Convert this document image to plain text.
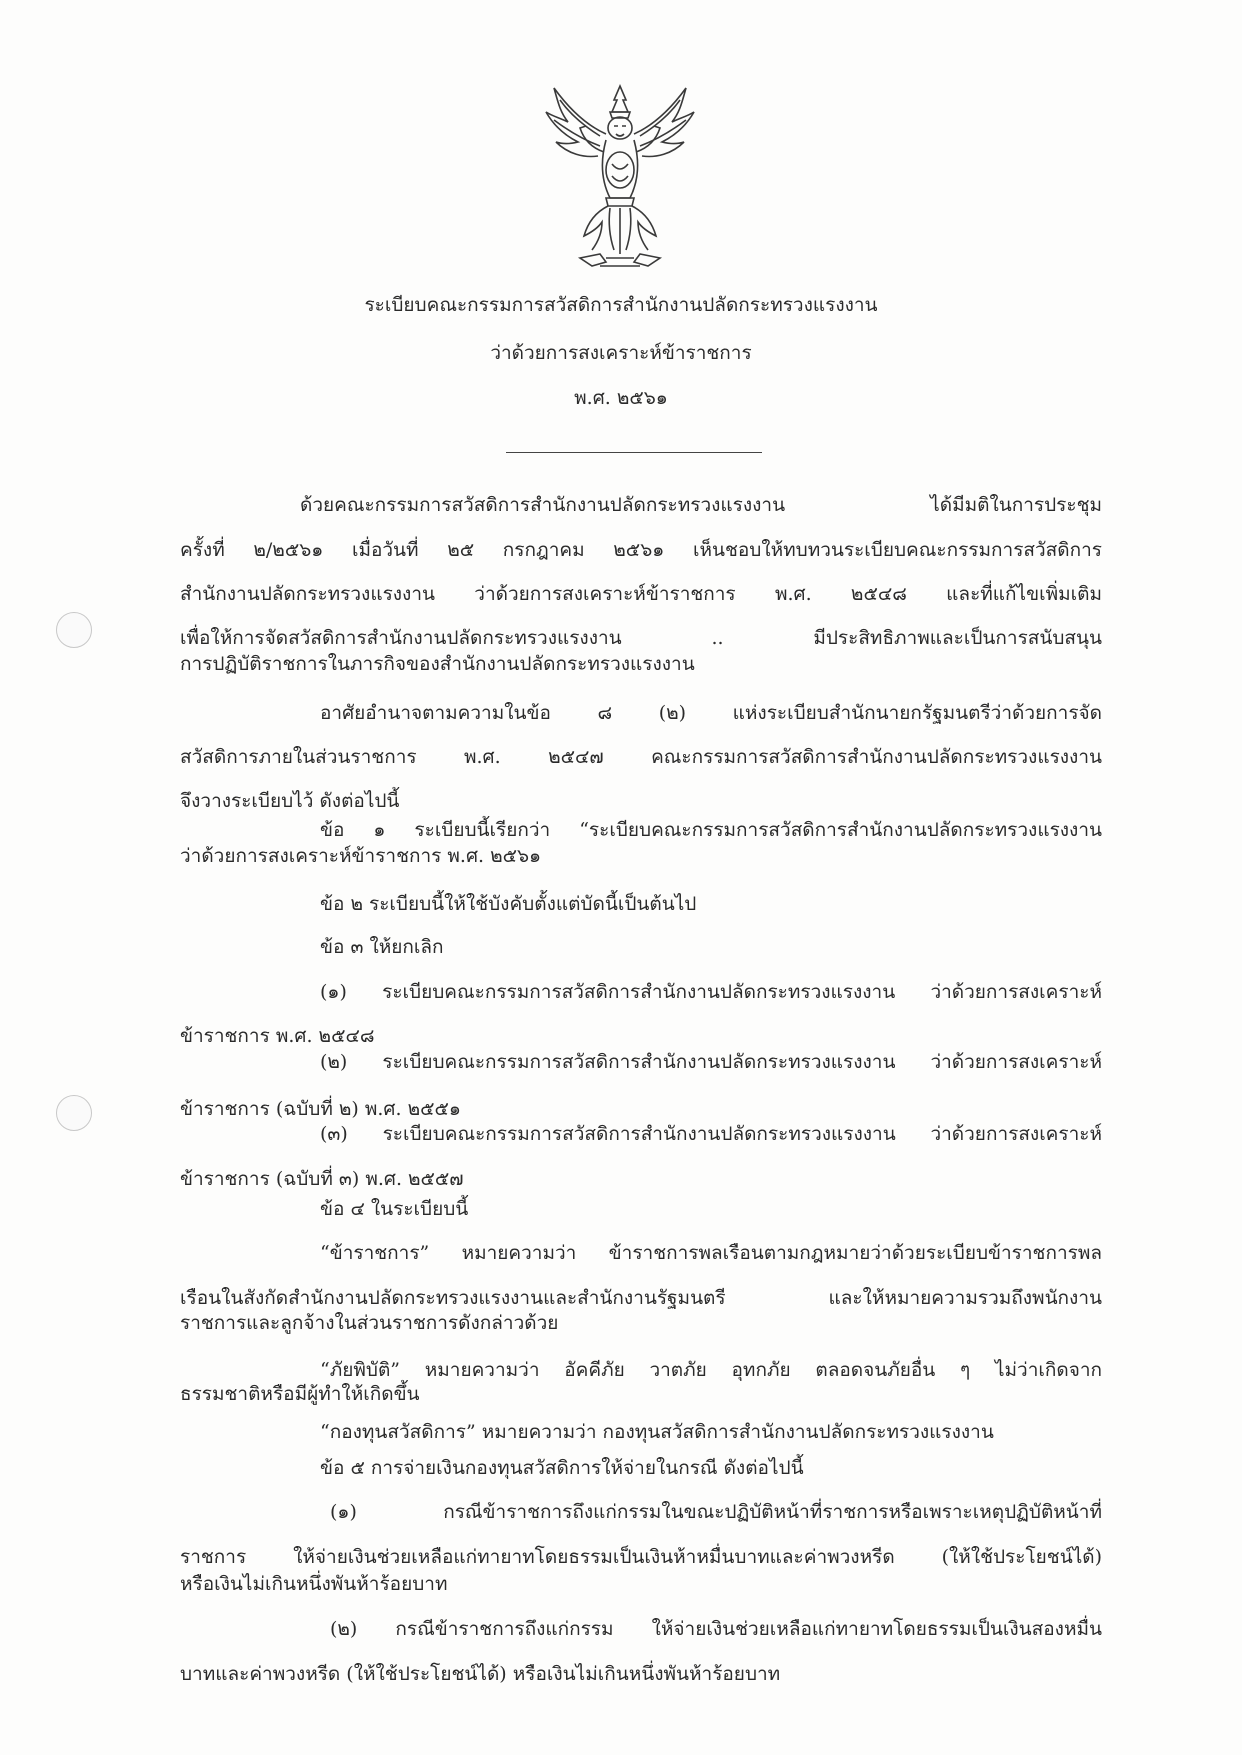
ระเบียบคณะกรรมการสวัสดิการสำนักงานปลัดกระทรวงแรงงาน
ว่าด้วยการสงเคราะห์ข้าราชการ
พ.ศ. ๒๕๖๑
ด้วยคณะกรรมการสวัสดิการสำนักงานปลัดกระทรวงแรงงาน ได้มีมติในการประชุม
ครั้งที่ ๒/๒๕๖๑ เมื่อวันที่ ๒๕ กรกฎาคม ๒๕๖๑ เห็นชอบให้ทบทวนระเบียบคณะกรรมการสวัสดิการ
สำนักงานปลัดกระทรวงแรงงาน ว่าด้วยการสงเคราะห์ข้าราชการ พ.ศ. ๒๕๔๘ และที่แก้ไขเพิ่มเติม
เพื่อให้การจัดสวัสดิการสำนักงานปลัดกระทรวงแรงงาน .. มีประสิทธิภาพและเป็นการสนับสนุน
การปฏิบัติราชการในภารกิจของสำนักงานปลัดกระทรวงแรงงาน
อาศัยอำนาจตามความในข้อ ๘ (๒) แห่งระเบียบสำนักนายกรัฐมนตรีว่าด้วยการจัด
สวัสดิการภายในส่วนราชการ พ.ศ. ๒๕๔๗ คณะกรรมการสวัสดิการสำนักงานปลัดกระทรวงแรงงาน
จึงวางระเบียบไว้ ดังต่อไปนี้
ข้อ ๑ ระเบียบนี้เรียกว่า “ระเบียบคณะกรรมการสวัสดิการสำนักงานปลัดกระทรวงแรงงาน
ว่าด้วยการสงเคราะห์ข้าราชการ พ.ศ. ๒๕๖๑
ข้อ ๒ ระเบียบนี้ให้ใช้บังคับตั้งแต่บัดนี้เป็นต้นไป
ข้อ ๓ ให้ยกเลิก
(๑) ระเบียบคณะกรรมการสวัสดิการสำนักงานปลัดกระทรวงแรงงาน ว่าด้วยการสงเคราะห์
ข้าราชการ พ.ศ. ๒๕๔๘
(๒) ระเบียบคณะกรรมการสวัสดิการสำนักงานปลัดกระทรวงแรงงาน ว่าด้วยการสงเคราะห์
ข้าราชการ (ฉบับที่ ๒) พ.ศ. ๒๕๕๑
(๓) ระเบียบคณะกรรมการสวัสดิการสำนักงานปลัดกระทรวงแรงงาน ว่าด้วยการสงเคราะห์
ข้าราชการ (ฉบับที่ ๓) พ.ศ. ๒๕๕๗
ข้อ ๔ ในระเบียบนี้
“ข้าราชการ” หมายความว่า ข้าราชการพลเรือนตามกฎหมายว่าด้วยระเบียบข้าราชการพล
เรือนในสังกัดสำนักงานปลัดกระทรวงแรงงานและสำนักงานรัฐมนตรี และให้หมายความรวมถึงพนักงาน
ราชการและลูกจ้างในส่วนราชการดังกล่าวด้วย
“ภัยพิบัติ” หมายความว่า อัคคีภัย วาตภัย อุทกภัย ตลอดจนภัยอื่น ๆ ไม่ว่าเกิดจาก
ธรรมชาติหรือมีผู้ทำให้เกิดขึ้น
“กองทุนสวัสดิการ” หมายความว่า กองทุนสวัสดิการสำนักงานปลัดกระทรวงแรงงาน
ข้อ ๕ การจ่ายเงินกองทุนสวัสดิการให้จ่ายในกรณี ดังต่อไปนี้
(๑) กรณีข้าราชการถึงแก่กรรมในขณะปฏิบัติหน้าที่ราชการหรือเพราะเหตุปฏิบัติหน้าที่
ราชการ ให้จ่ายเงินช่วยเหลือแก่ทายาทโดยธรรมเป็นเงินห้าหมื่นบาทและค่าพวงหรีด (ให้ใช้ประโยชน์ได้)
หรือเงินไม่เกินหนึ่งพันห้าร้อยบาท
(๒) กรณีข้าราชการถึงแก่กรรม ให้จ่ายเงินช่วยเหลือแก่ทายาทโดยธรรมเป็นเงินสองหมื่น
บาทและค่าพวงหรีด (ให้ใช้ประโยชน์ได้) หรือเงินไม่เกินหนึ่งพันห้าร้อยบาท
